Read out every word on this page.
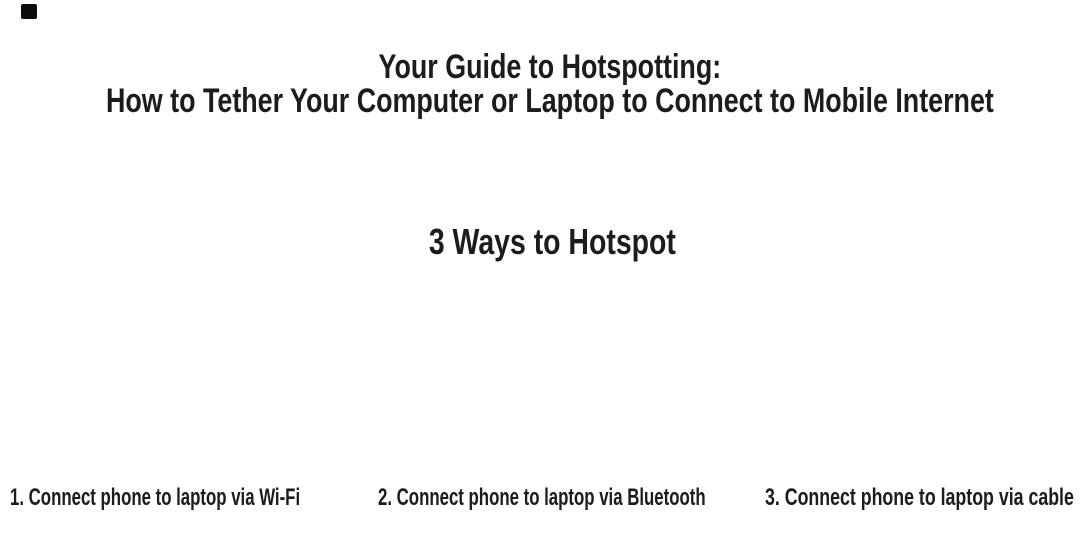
Your Guide to Hotspotting:
How to Tether Your Computer or Laptop to Connect to Mobile Internet
3 Ways to Hotspot
1. Connect phone to laptop via Wi-Fi	2. Connect phone to laptop via Bluetooth 3. Connect phone to laptop via cable
